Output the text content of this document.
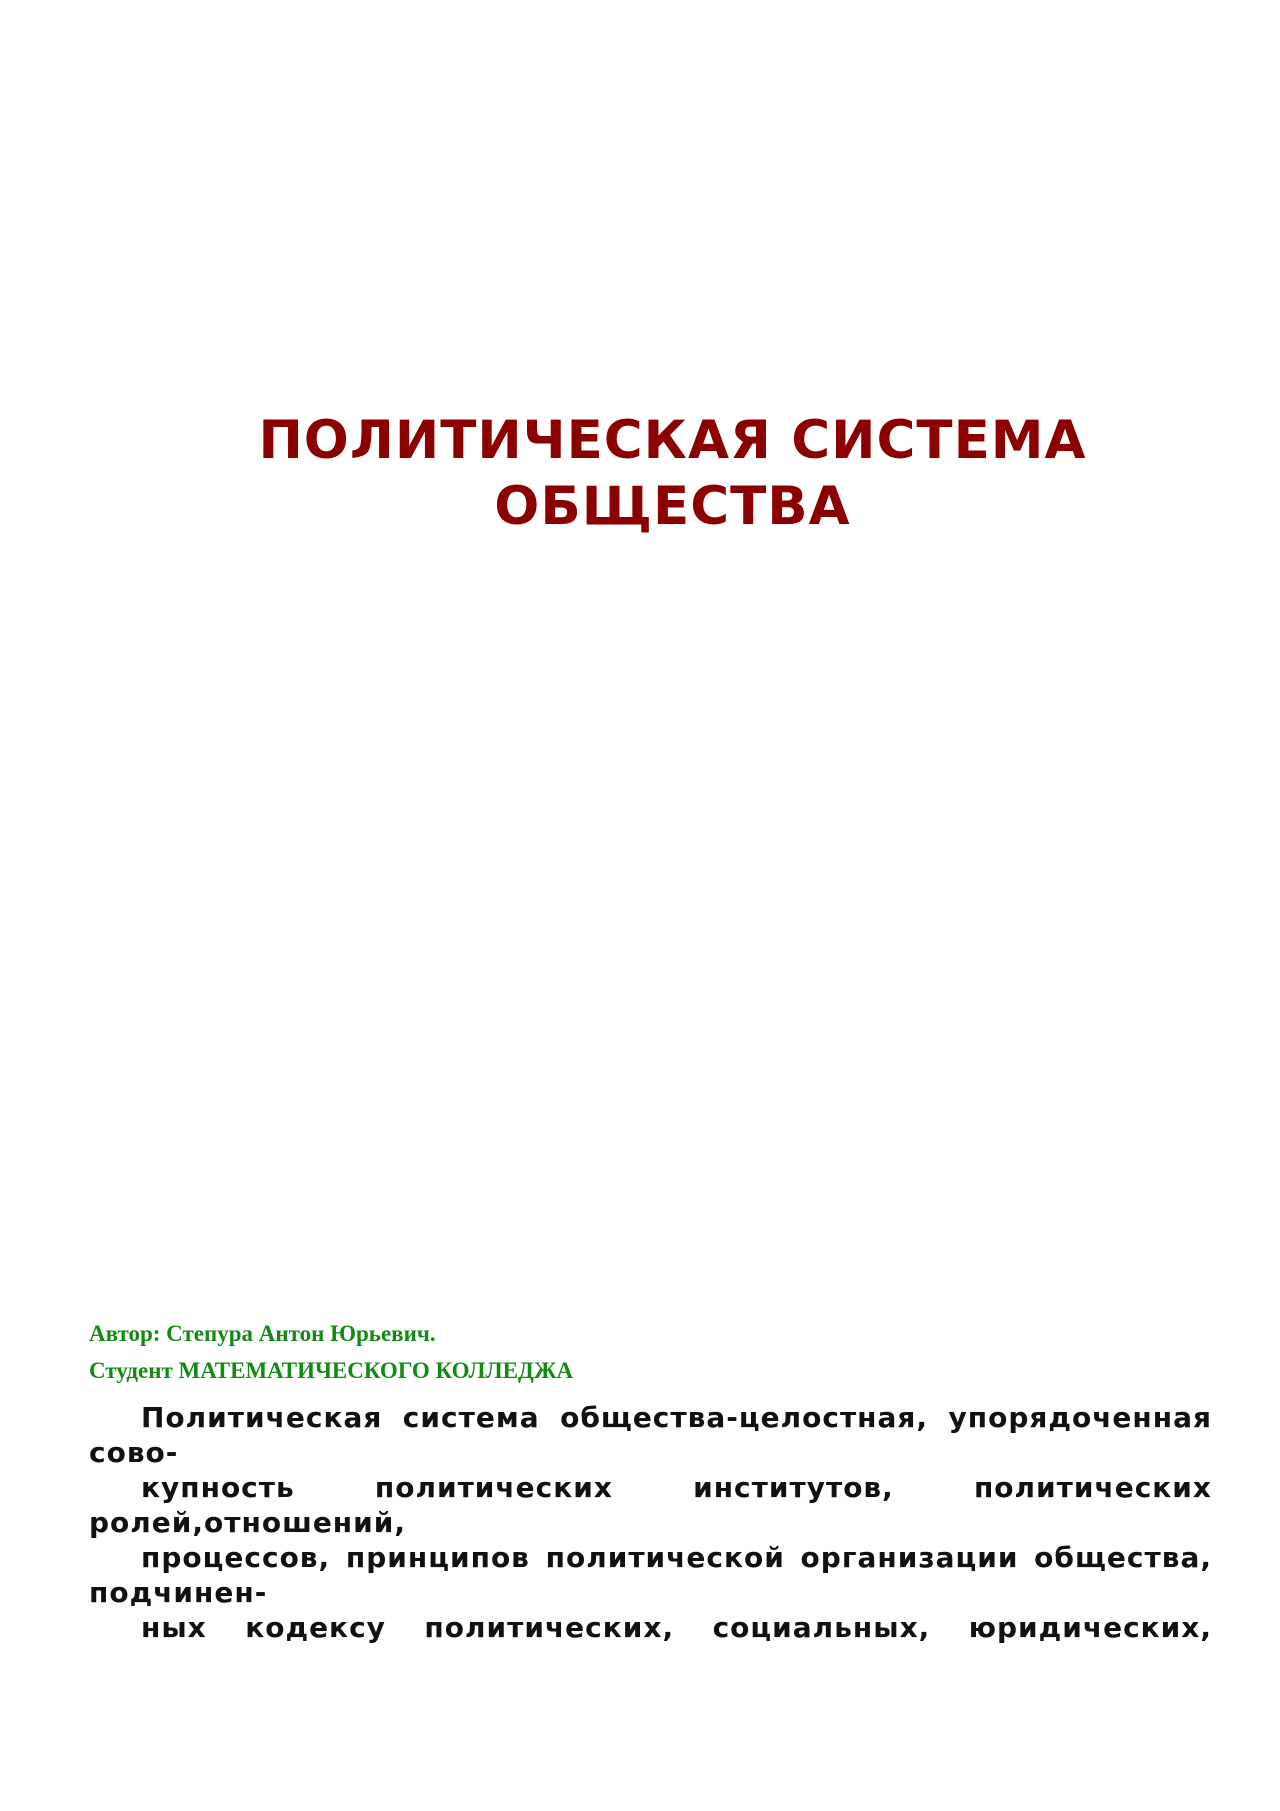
ПОЛИТИЧЕСКАЯ СИСТЕМА
ОБЩЕСТВА
Автор: Степура Антон Юрьевич.
Студент МАТЕМАТИЧЕСКОГО КОЛЛЕДЖА
Политическая система общества-целостная, упорядоченная
сово-
купность политических институтов, политических
ролей,отношений,
процессов, принципов политической организации общества,
подчинен-
ных кодексу политических, социальных, юридических,
